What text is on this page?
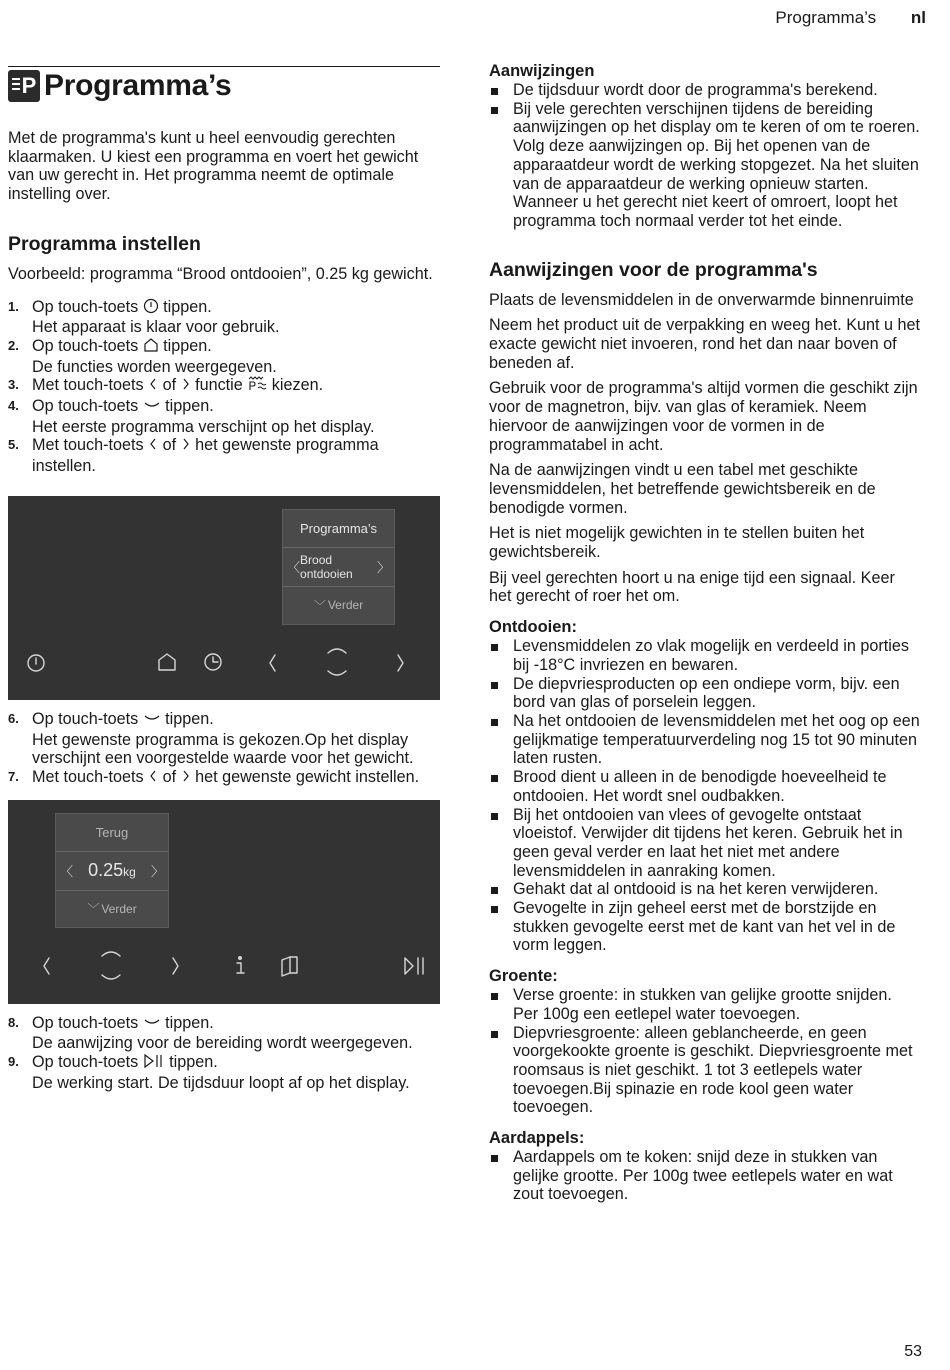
Programma’s nl
P Programma’s

Met de programma's kunt u heel eenvoudig gerechten klaarmaken. U kiest een programma en voert het gewicht van uw gerecht in. Het programma neemt de optimale instelling over.

Programma instellen

Voorbeeld: programma “Brood ontdooien”, 0.25 kg gewicht.

1. Op touch-toets  tippen.
Het apparaat is klaar voor gebruik.
2. Op touch-toets  tippen.
De functies worden weergegeven.
3. Met touch-toets  of  functie  kiezen.
4. Op touch-toets  tippen.
Het eerste programma verschijnt op het display.
5. Met touch-toets  of  het gewenste programma instellen.
Programma’s
〈
Brood ontdooien	〉
﹀ Verder
6. Op touch-toets  tippen.
Het gewenste programma is gekozen.Op het display verschijnt een voorgestelde waarde voor het gewicht.
7. Met touch-toets  of  het gewenste gewicht instellen.
Terug
〈 0.25kg 〉
﹀ Verder
8. Op touch-toets  tippen.
De aanwijzing voor de bereiding wordt weergegeven.
9. Op touch-toets  tippen.
De werking start. De tijdsduur loopt af op het display.
Aanwijzingen
De tijdsduur wordt door de programma's berekend.
Bij vele gerechten verschijnen tijdens de bereiding aanwijzingen op het display om te keren of om te roeren. Volg deze aanwijzingen op. Bij het openen van de apparaatdeur wordt de werking stopgezet. Na het sluiten van de apparaatdeur de werking opnieuw starten. Wanneer u het gerecht niet keert of omroert, loopt het programma toch normaal verder tot het einde.
Aanwijzingen voor de programma's

Plaats de levensmiddelen in de onverwarmde binnenruimte

Neem het product uit de verpakking en weeg het. Kunt u het exacte gewicht niet invoeren, rond het dan naar boven of beneden af.

Gebruik voor de programma's altijd vormen die geschikt zijn voor de magnetron, bijv. van glas of keramiek. Neem hiervoor de aanwijzingen voor de vormen in de programmatabel in acht.

Na de aanwijzingen vindt u een tabel met geschikte levensmiddelen, het betreffende gewichtsbereik en de benodigde vormen.

Het is niet mogelijk gewichten in te stellen buiten het gewichtsbereik.

Bij veel gerechten hoort u na enige tijd een signaal. Keer het gerecht of roer het om.

Ontdooien:
Levensmiddelen zo vlak mogelijk en verdeeld in porties bij -18°C invriezen en bewaren.
De diepvriesproducten op een ondiepe vorm, bijv. een bord van glas of porselein leggen.
Na het ontdooien de levensmiddelen met het oog op een gelijkmatige temperatuurverdeling nog 15 tot 90 minuten laten rusten.
Brood dient u alleen in de benodigde hoeveelheid te ontdooien. Het wordt snel oudbakken.
Bij het ontdooien van vlees of gevogelte ontstaat vloeistof. Verwijder dit tijdens het keren. Gebruik het in geen geval verder en laat het niet met andere levensmiddelen in aanraking komen.
Gehakt dat al ontdooid is na het keren verwijderen.
Gevogelte in zijn geheel eerst met de borstzijde en stukken gevogelte eerst met de kant van het vel in de vorm leggen.
Groente:
Verse groente: in stukken van gelijke grootte snijden. Per 100g een eetlepel water toevoegen.
Diepvriesgroente: alleen geblancheerde, en geen voorgekookte groente is geschikt. Diepvriesgroente met roomsaus is niet geschikt. 1 tot 3 eetlepels water toevoegen.Bij spinazie en rode kool geen water toevoegen.
Aardappels:
Aardappels om te koken: snijd deze in stukken van gelijke grootte. Per 100g twee eetlepels water en wat zout toevoegen.
53
